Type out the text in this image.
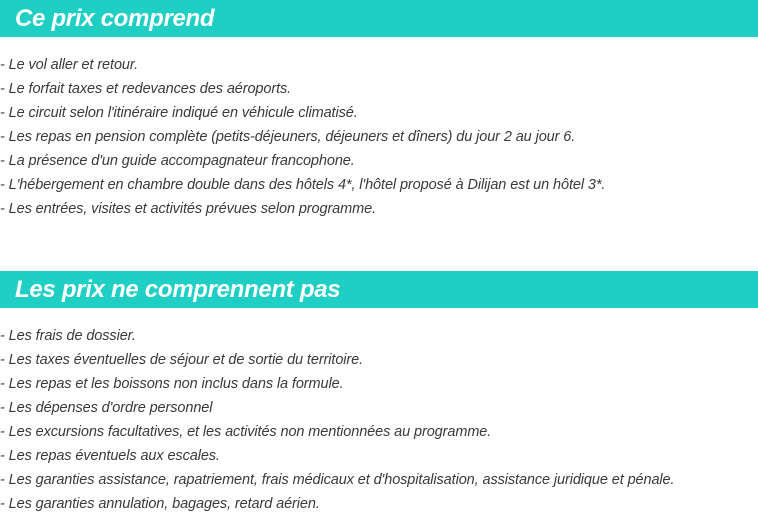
Ce prix comprend
- Le vol aller et retour.
- Le forfait taxes et redevances des aéroports.
- Le circuit selon l'itinéraire indiqué en véhicule climatisé.
- Les repas en pension complète (petits-déjeuners, déjeuners et dîners) du jour 2 au jour 6.
- La présence d'un guide accompagnateur francophone.
- L'hébergement en chambre double dans des hôtels 4*, l'hôtel proposé à Dilijan est un hôtel 3*.
- Les entrées, visites et activités prévues selon programme.
Les prix ne comprennent pas
- Les frais de dossier.
- Les taxes éventuelles de séjour et de sortie du territoire.
- Les repas et les boissons non inclus dans la formule.
- Les dépenses d'ordre personnel
- Les excursions facultatives, et les activités non mentionnées au programme.
- Les repas éventuels aux escales.
- Les garanties assistance, rapatriement, frais médicaux et d'hospitalisation, assistance juridique et pénale.
- Les garanties annulation, bagages, retard aérien.
